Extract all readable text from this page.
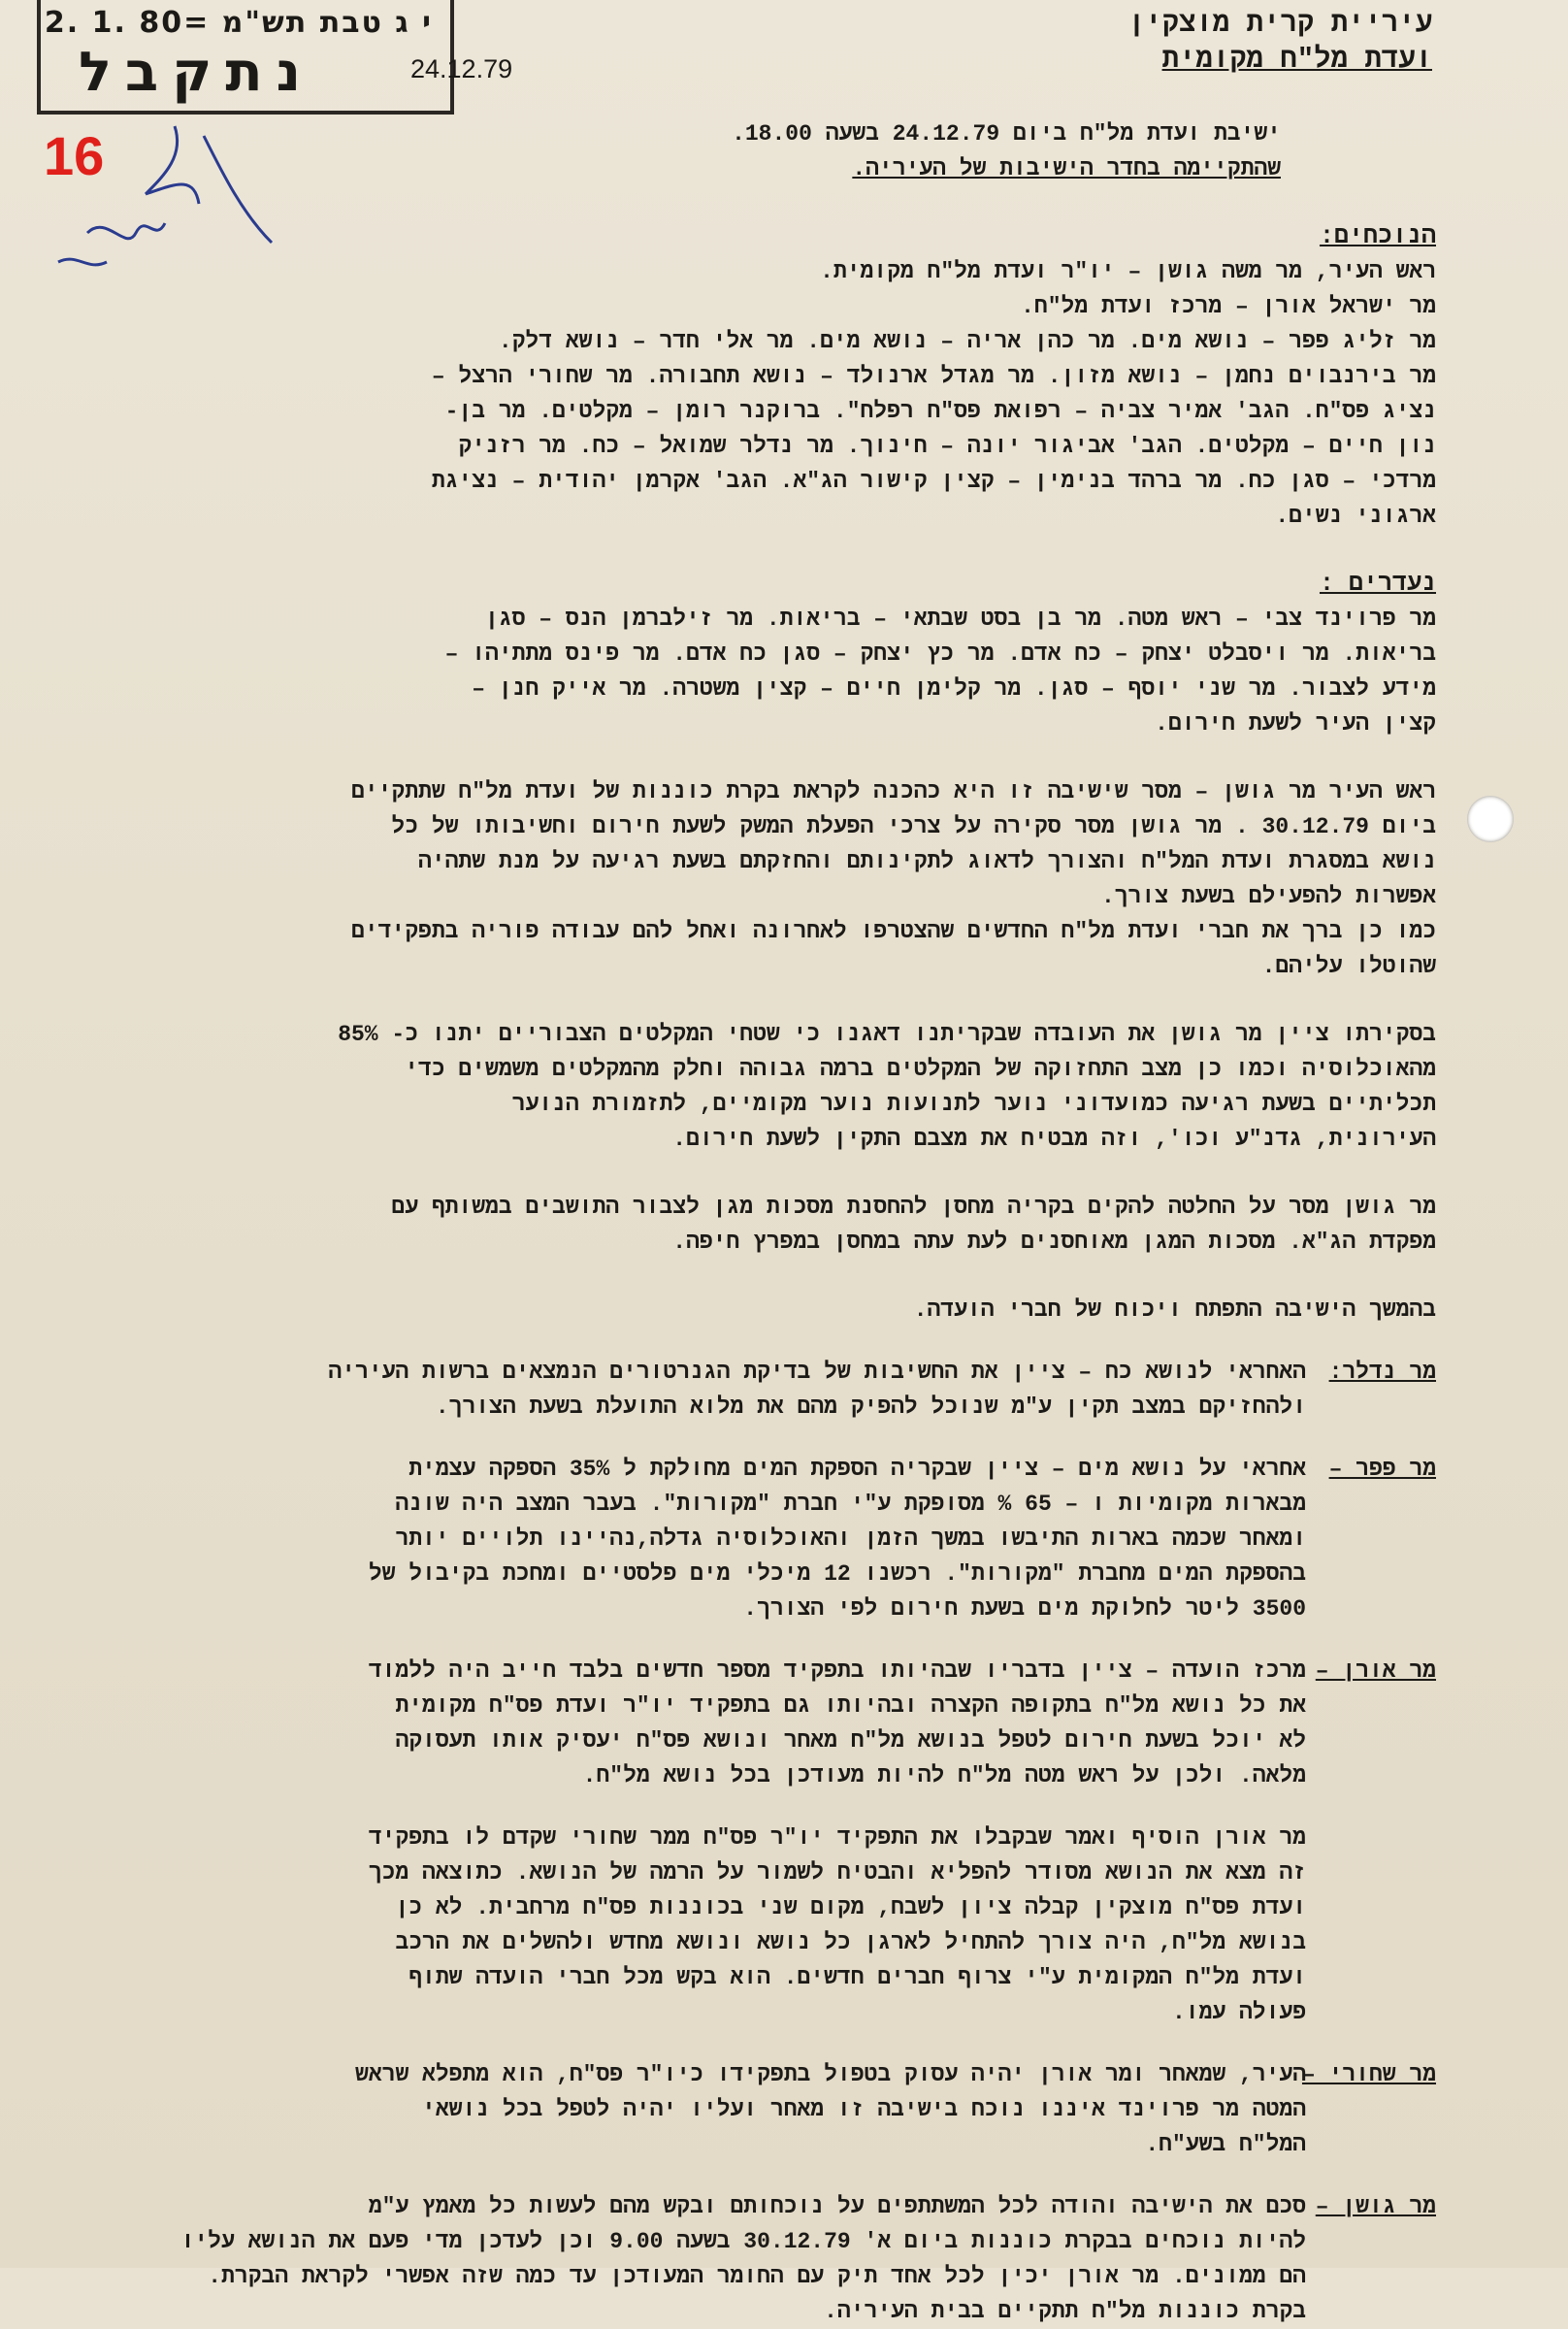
י ג טבת תש"מ =80 .1 .2
נתקבל	24.12.79
16
עיריית קרית מוצקין
ועדת מל"ח מקומית

ישיבת ועדת מל"ח ביום 24.12.79 בשעה 18.00.

שהתקיימה בחדר הישיבות של העיריה.

הנוכחים:

ראש העיר, מר משה גושן – יו"ר ועדת מל"ח מקומית.

מר ישראל אורן – מרכז ועדת מל"ח.

מר זליג פפר – נושא מים. מר כהן אריה – נושא מים. מר אלי חדר – נושא דלק.

מר בירנבוים נחמן – נושא מזון. מר מגדל ארנולד – נושא תחבורה. מר שחורי הרצל –

נציג פס"ח. הגב' אמיר צביה – רפואת פס"ח רפלח". ברוקנר רומן – מקלטים. מר בן-

נון חיים – מקלטים. הגב' אביגור יונה – חינוך. מר נדלר שמואל – כח. מר רזניק

מרדכי – סגן כח. מר ברהד בנימין – קצין קישור הג"א. הגב' אקרמן יהודית – נציגת

ארגוני נשים.

נעדרים :

מר פרוינד צבי – ראש מטה. מר בן בסט שבתאי – בריאות. מר זילברמן הנס – סגן

בריאות. מר ויסבלט יצחק – כח אדם. מר כץ יצחק – סגן כח אדם. מר פינס מתתיהו –

מידע לצבור. מר שני יוסף – סגן. מר קלימן חיים – קצין משטרה. מר אייק חנן –

קצין העיר לשעת חירום.

ראש העיר מר גושן – מסר שישיבה זו היא כהכנה לקראת בקרת כוננות של ועדת מל"ח שתתקיים

ביום 30.12.79 . מר גושן מסר סקירה על צרכי הפעלת המשק לשעת חירום וחשיבותו של כל

נושא במסגרת ועדת המל"ח והצורך לדאוג לתקינותם והחזקתם בשעת רגיעה על מנת שתהיה

אפשרות להפעילם בשעת צורך.

כמו כן ברך את חברי ועדת מל"ח החדשים שהצטרפו לאחרונה ואחל להם עבודה פוריה בתפקידים

שהוטלו עליהם.

בסקירתו ציין מר גושן את העובדה שבקריתנו דאגנו כי שטחי המקלטים הצבוריים יתנו כ- 85%

מהאוכלוסיה וכמו כן מצב התחזוקה של המקלטים ברמה גבוהה וחלק מהמקלטים משמשים כדי

תכליתיים בשעת רגיעה כמועדוני נוער לתנועות נוער מקומיים, לתזמורת הנוער

העירונית, גדנ"ע וכו', וזה מבטיח את מצבם התקין לשעת חירום.

מר גושן מסר על החלטה להקים בקריה מחסן להחסנת מסכות מגן לצבור התושבים במשותף עם

מפקדת הג"א. מסכות המגן מאוחסנים לעת עתה במחסן במפרץ חיפה.

בהמשך הישיבה התפתח ויכוח של חברי הועדה.

מר נדלר:

האחראי לנושא כח – ציין את החשיבות של בדיקת הגנרטורים הנמצאים ברשות העיריה

ולהחזיקם במצב תקין ע"מ שנוכל להפיק מהם את מלוא התועלת בשעת הצורך.

מר פפר –

אחראי על נושא מים – ציין שבקריה הספקת המים מחולקת ל 35% הספקה עצמית

מבארות מקומיות ו – 65 % מסופקת ע"י חברת "מקורות". בעבר המצב היה שונה

ומאחר שכמה בארות התיבשו במשך הזמן והאוכלוסיה גדלה,נהיינו תלויים יותר

בהספקת המים מחברת "מקורות". רכשנו 12 מיכלי מים פלסטיים ומחכת בקיבול של

3500 ליטר לחלוקת מים בשעת חירום לפי הצורך.

מר אורן –

מרכז הועדה – ציין בדבריו שבהיותו בתפקיד מספר חדשים בלבד חייב היה ללמוד

את כל נושא מל"ח בתקופה הקצרה ובהיותו גם בתפקיד יו"ר ועדת פס"ח מקומית

לא יוכל בשעת חירום לטפל בנושא מל"ח מאחר ונושא פס"ח יעסיק אותו תעסוקה

מלאה. ולכן על ראש מטה מל"ח להיות מעודכן בכל נושא מל"ח.

מר אורן הוסיף ואמר שבקבלו את התפקיד יו"ר פס"ח ממר שחורי שקדם לו בתפקיד

זה מצא את הנושא מסודר להפליא והבטיח לשמור על הרמה של הנושא. כתוצאה מכך

ועדת פס"ח מוצקין קבלה ציון לשבח, מקום שני בכוננות פס"ח מרחבית. לא כן

בנושא מל"ח, היה צורך להתחיל לארגן כל נושא ונושא מחדש ולהשלים את הרכב

ועדת מל"ח המקומית ע"י צרוף חברים חדשים. הוא בקש מכל חברי הועדה שתוף

פעולה עמו.

מר שחורי –

העיר, שמאחר ומר אורן יהיה עסוק בטפול בתפקידו כיו"ר פס"ח, הוא מתפלא שראש

המטה מר פרוינד איננו נוכח בישיבה זו מאחר ועליו יהיה לטפל בכל נושאי

המל"ח בשע"ח.

מר גושן –

סכם את הישיבה והודה לכל המשתתפים על נוכחותם ובקש מהם לעשות כל מאמץ ע"מ

להיות נוכחים בבקרת כוננות ביום א' 30.12.79 בשעה 9.00 וכן לעדכן מדי פעם את הנושא עליו

הם ממונים. מר אורן יכין לכל אחד תיק עם החומר המעודכן עד כמה שזה אפשרי לקראת הבקרת.

בקרת כוננות מל"ח תתקיים בבית העיריה.
